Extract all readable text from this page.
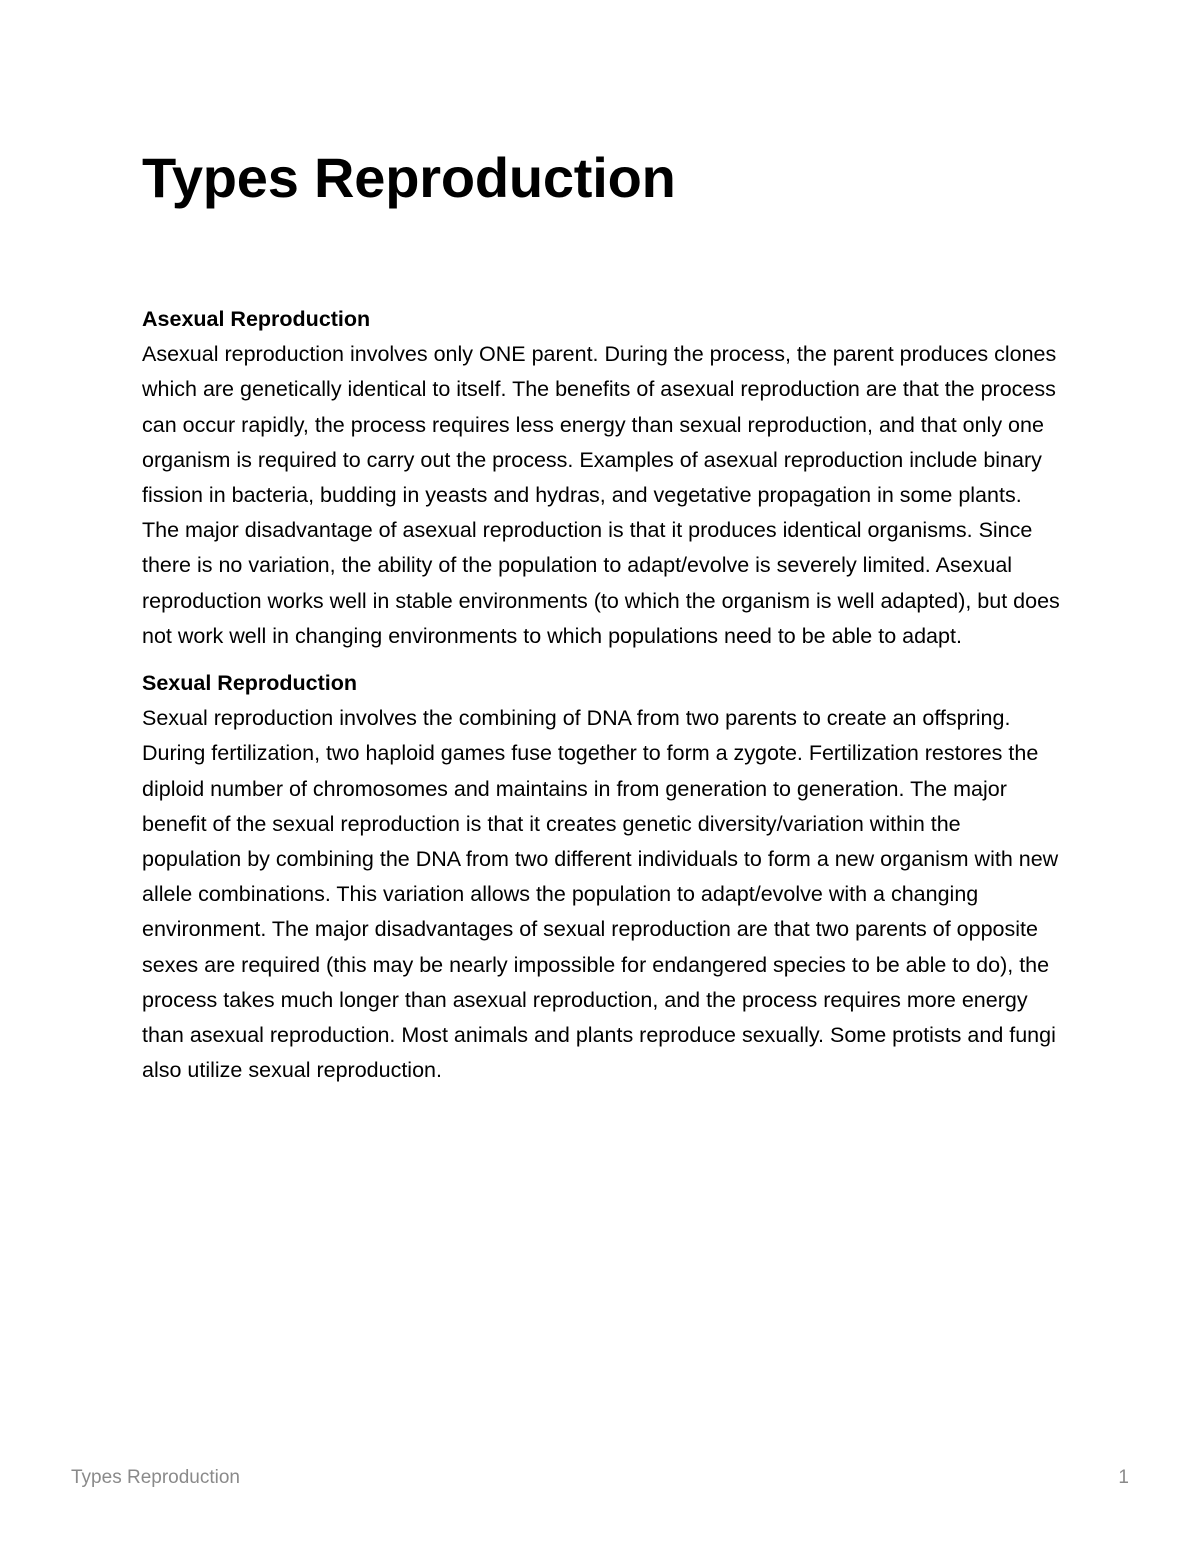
Types Reproduction
Asexual Reproduction

Asexual reproduction involves only ONE parent. During the process, the parent produces clones which are genetically identical to itself. The benefits of asexual reproduction are that the process can occur rapidly, the process requires less energy than sexual reproduction, and that only one organism is required to carry out the process. Examples of asexual reproduction include binary fission in bacteria, budding in yeasts and hydras, and vegetative propagation in some plants.

The major disadvantage of asexual reproduction is that it produces identical organisms. Since there is no variation, the ability of the population to adapt/evolve is severely limited. Asexual reproduction works well in stable environments (to which the organism is well adapted), but does not work well in changing environments to which populations need to be able to adapt.

Sexual Reproduction

Sexual reproduction involves the combining of DNA from two parents to create an offspring. During fertilization, two haploid games fuse together to form a zygote. Fertilization restores the diploid number of chromosomes and maintains in from generation to generation. The major benefit of the sexual reproduction is that it creates genetic diversity/variation within the population by combining the DNA from two different individuals to form a new organism with new allele combinations. This variation allows the population to adapt/evolve with a changing environment. The major disadvantages of sexual reproduction are that two parents of opposite sexes are required (this may be nearly impossible for endangered species to be able to do), the process takes much longer than asexual reproduction, and the process requires more energy than asexual reproduction. Most animals and plants reproduce sexually. Some protists and fungi also utilize sexual reproduction.

Types Reproduction	1
